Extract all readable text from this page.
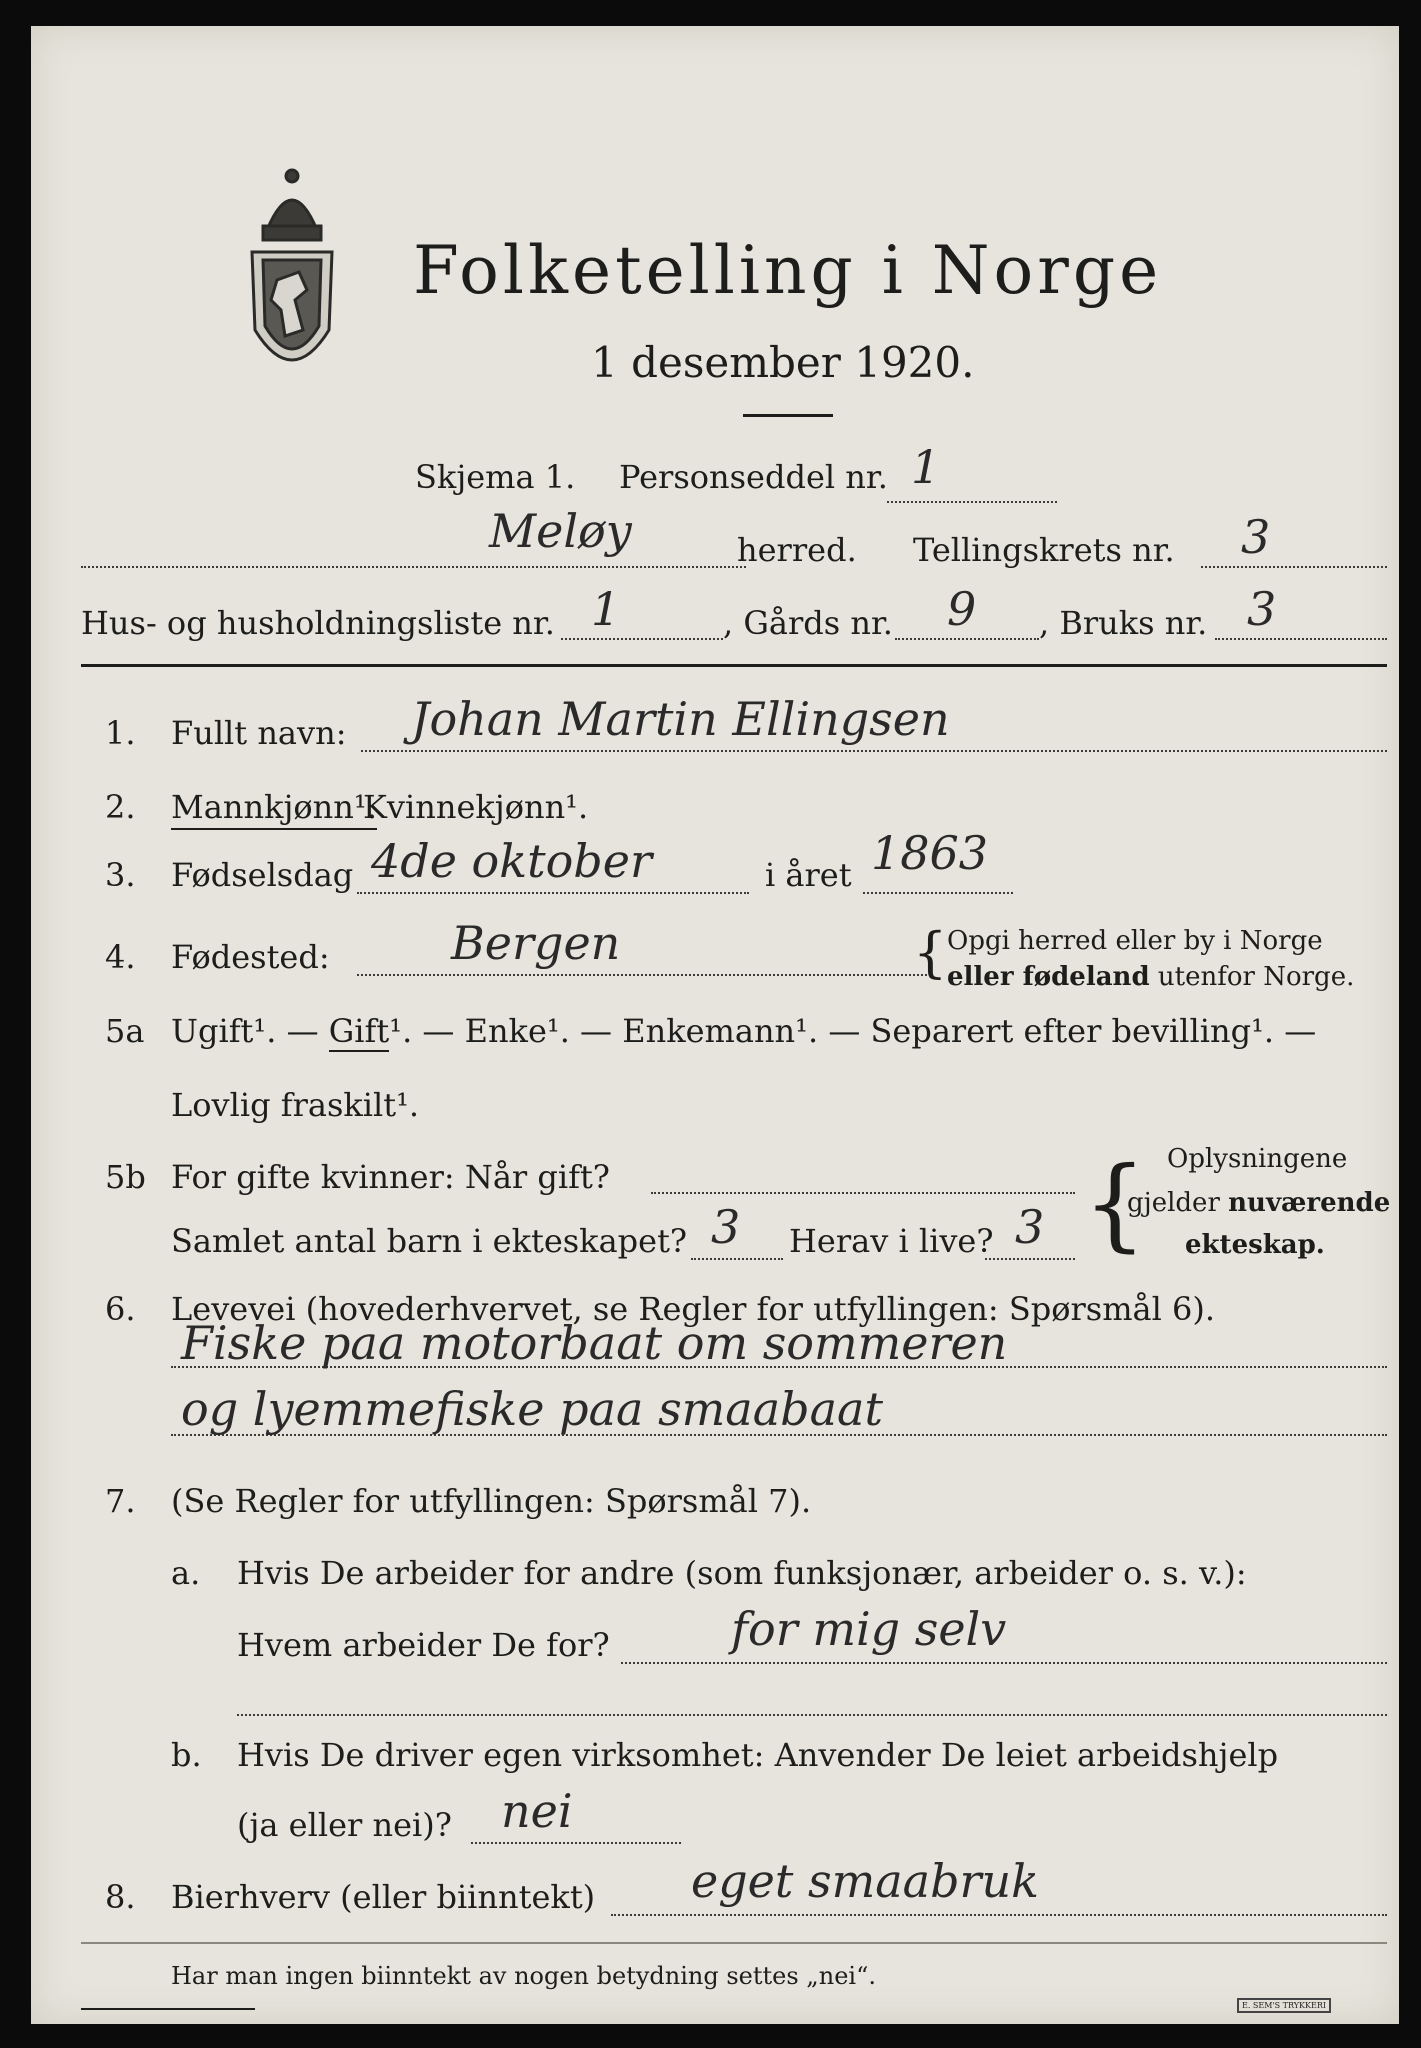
Folketelling i Norge
1 desember 1920.
Skjema 1. Personseddel nr. 1
Meløy	herred. Tellingskrets nr. 3
Hus- og husholdningsliste nr. 1	, Gårds nr. 9 , Bruks nr. 3
1. Fullt navn: Johan Martin Ellingsen
2. Mannkjønn¹.
Kvinnekjønn¹.
3. Fødselsdag 4de oktober	i året 1863
4. Fødested:	Bergen	{ Opgi herred eller by i Norge
eller fødeland utenfor Norge.
5a Ugift¹. — Gift¹. — Enke¹. — Enkemann¹. — Separert efter bevilling¹. —
Lovlig fraskilt¹.
5b For gifte kvinner: Når gift?
Samlet antal barn i ekteskapet? 3 Herav i live? 3 { Oplysningene
gjelder nuværende
ekteskap.
6. Levevei (hovederhvervet, se Regler for utfyllingen: Spørsmål 6).
Fiske paa motorbaat om sommeren
og lyemmefiske paa smaabaat
7. (Se Regler for utfyllingen: Spørsmål 7).
a. Hvis De arbeider for andre (som funksjonær, arbeider o. s. v.):
Hvem arbeider De for?	for mig selv
b. Hvis De driver egen virksomhet: Anvender De leiet arbeidshjelp
(ja eller nei)? nei
8. Bierhverv (eller biinntekt) eget smaabruk
Har man ingen biinntekt av nogen betydning settes „nei“.
E. SEM'S TRYKKERI
